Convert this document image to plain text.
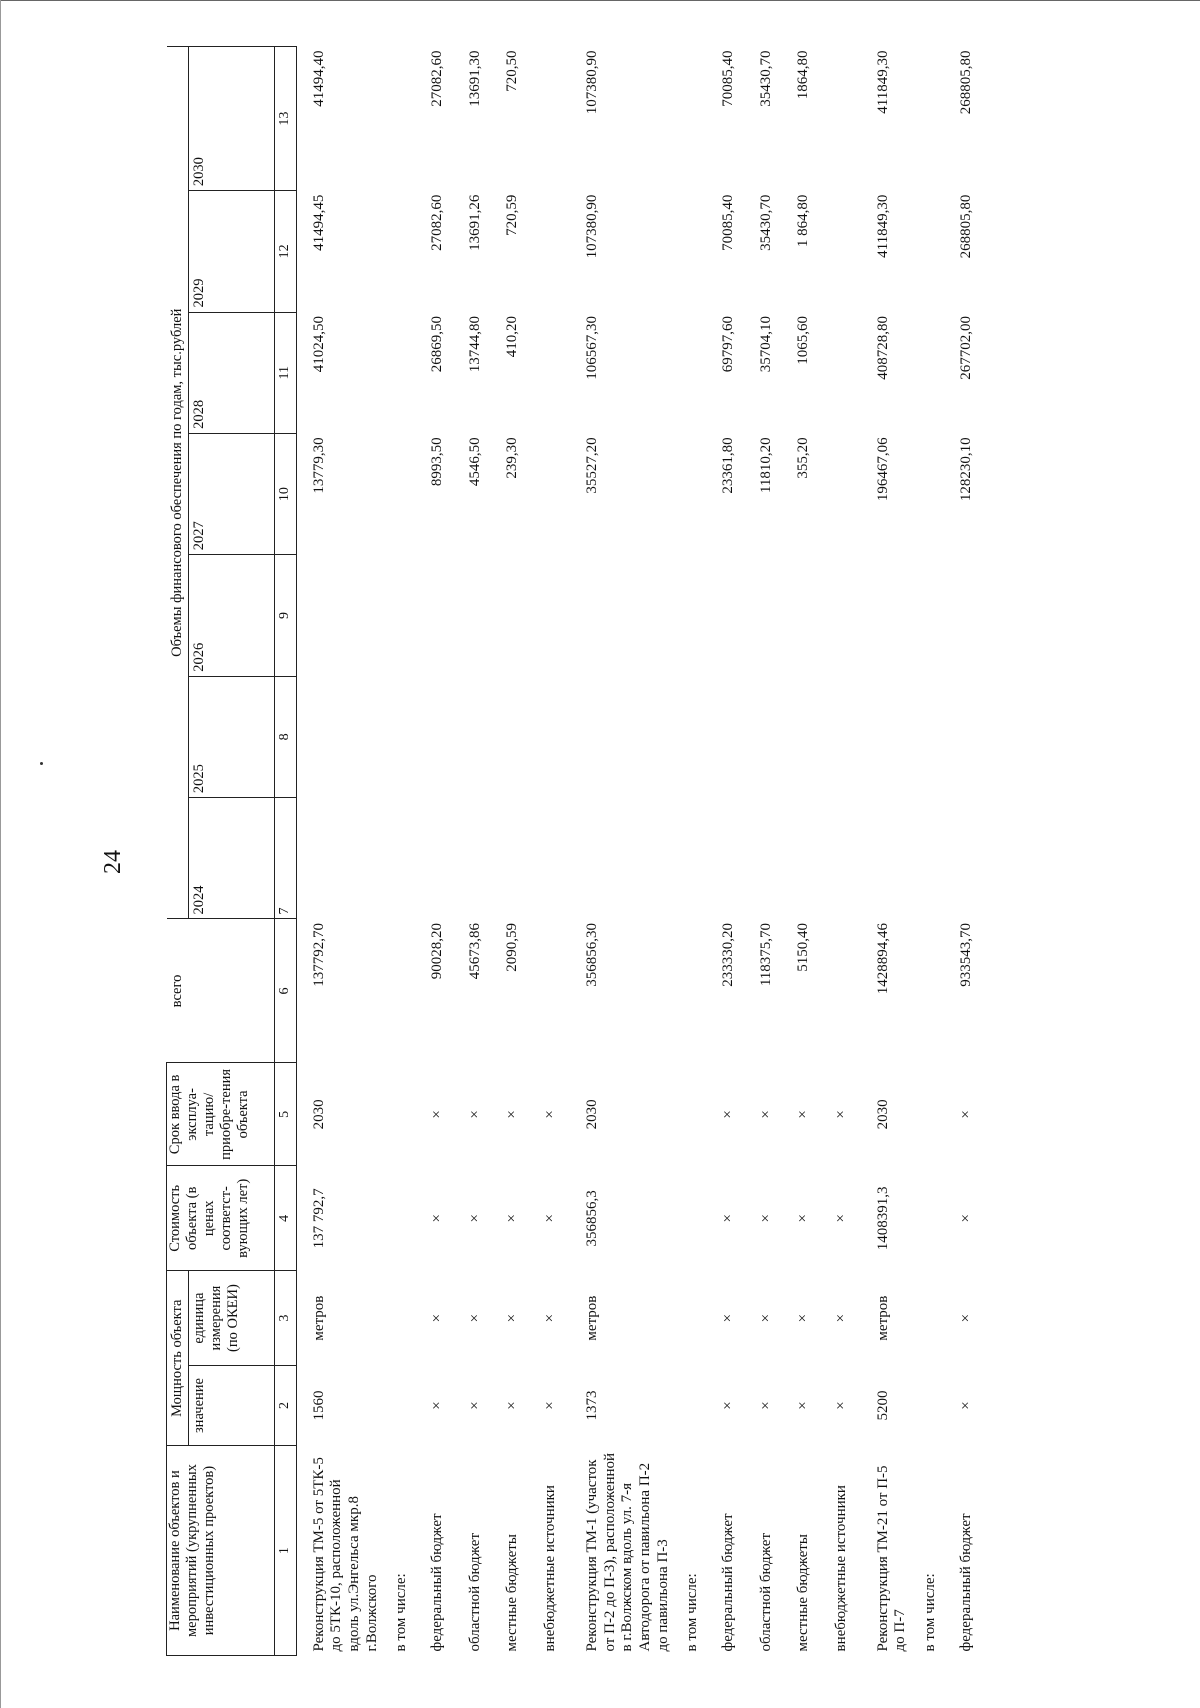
24
Наименование объектов и мероприятий (укрупненных инвестиционных проектов)	Мощность объекта		Стоимость объекта (в ценах соответст-вующих лет)	Срок ввода в эксплуа-тацию/ приобре-тения объекта	всего	Объемы финансового обеспечения по годам, тыс.рублей						
	значение	единица измерения (по ОКЕИ)				2024	2025	2026	2027	2028	2029	2030
1	2	3	4	5	6	7	8	9	10	11	12	13
Реконструкция ТМ-5 от 5ТК-5 до 5ТК-10, расположенной вдоль ул.Энгельса мкр.8 г.Волжского	1560	метров	137 792,7	2030	137792,70				13779,30	41024,50	41494,45	41494,40
в том числе:												
федеральный бюджет	×	×	×	×	90028,20				8993,50	26869,50	27082,60	27082,60
областной бюджет	×	×	×	×	45673,86				4546,50	13744,80	13691,26	13691,30
местные бюджеты	×	×	×	×	2090,59				239,30	410,20	720,59	720,50
внебюджетные источники	×	×	×	×								
Реконструкция ТМ-1 (участок от П-2 до П-3), расположенной в г.Волжском вдоль ул. 7-я Автодорога от павильона П-2 до павильона П-3	1373	метров	356856,3	2030	356856,30				35527,20	106567,30	107380,90	107380,90
в том числе:												
федеральный бюджет	×	×	×	×	233330,20				23361,80	69797,60	70085,40	70085,40
областной бюджет	×	×	×	×	118375,70				11810,20	35704,10	35430,70	35430,70
местные бюджеты	×	×	×	×	5150,40				355,20	1065,60	1 864,80	1864,80
внебюджетные источники	×	×	×	×								
Реконструкция ТМ-21 от П-5 до П-7	5200	метров	1408391,3	2030	1428894,46				196467,06	408728,80	411849,30	411849,30
в том числе:												
федеральный бюджет	×	×	×	×	933543,70				128230,10	267702,00	268805,80	268805,80
